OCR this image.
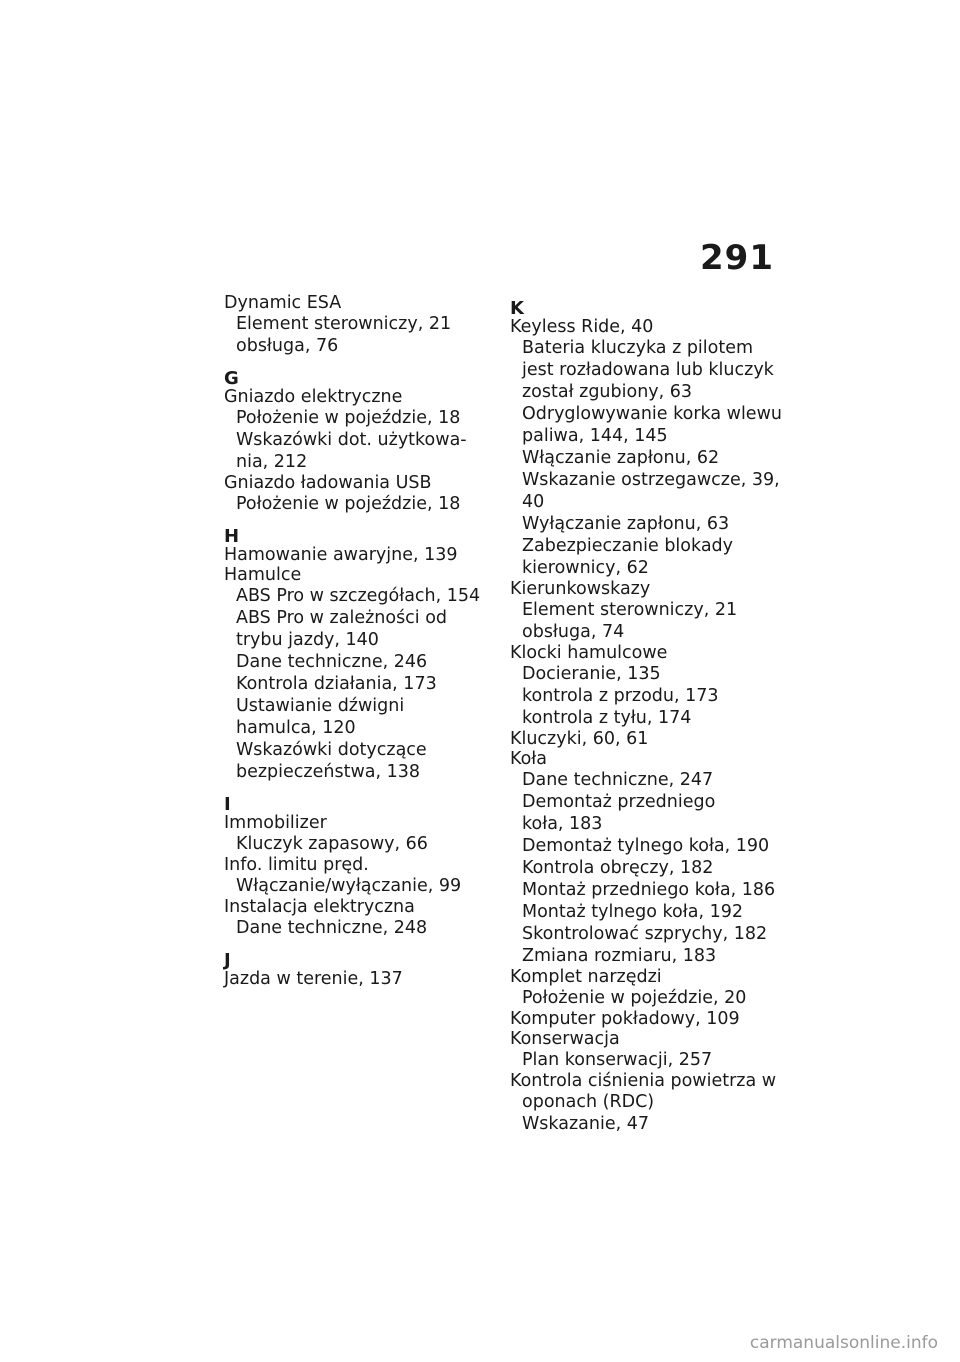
291
Dynamic ESA
Element sterowniczy, 21
obsługa, 76
G
Gniazdo elektryczne
Położenie w pojeździe, 18
Wskazówki dot. użytkowa-
nia, 212
Gniazdo ładowania USB
Położenie w pojeździe, 18
H
Hamowanie awaryjne, 139
Hamulce
ABS Pro w szczegółach, 154
ABS Pro w zależności od
trybu jazdy, 140
Dane techniczne, 246
Kontrola działania, 173
Ustawianie dźwigni
hamulca, 120
Wskazówki dotyczące
bezpieczeństwa, 138
I
Immobilizer
Kluczyk zapasowy, 66
Info. limitu pręd.
Włączanie/wyłączanie, 99
Instalacja elektryczna
Dane techniczne, 248
J
Jazda w terenie, 137
K
Keyless Ride, 40
Bateria kluczyka z pilotem
jest rozładowana lub kluczyk
został zgubiony, 63
Odryglowywanie korka wlewu
paliwa, 144, 145
Włączanie zapłonu, 62
Wskazanie ostrzegawcze, 39,
40
Wyłączanie zapłonu, 63
Zabezpieczanie blokady
kierownicy, 62
Kierunkowskazy
Element sterowniczy, 21
obsługa, 74
Klocki hamulcowe
Docieranie, 135
kontrola z przodu, 173
kontrola z tyłu, 174
Kluczyki, 60, 61
Koła
Dane techniczne, 247
Demontaż przedniego
koła, 183
Demontaż tylnego koła, 190
Kontrola obręczy, 182
Montaż przedniego koła, 186
Montaż tylnego koła, 192
Skontrolować szprychy, 182
Zmiana rozmiaru, 183
Komplet narzędzi
Położenie w pojeździe, 20
Komputer pokładowy, 109
Konserwacja
Plan konserwacji, 257
Kontrola ciśnienia powietrza w
oponach (RDC)
Wskazanie, 47
carmanualsonline.info
